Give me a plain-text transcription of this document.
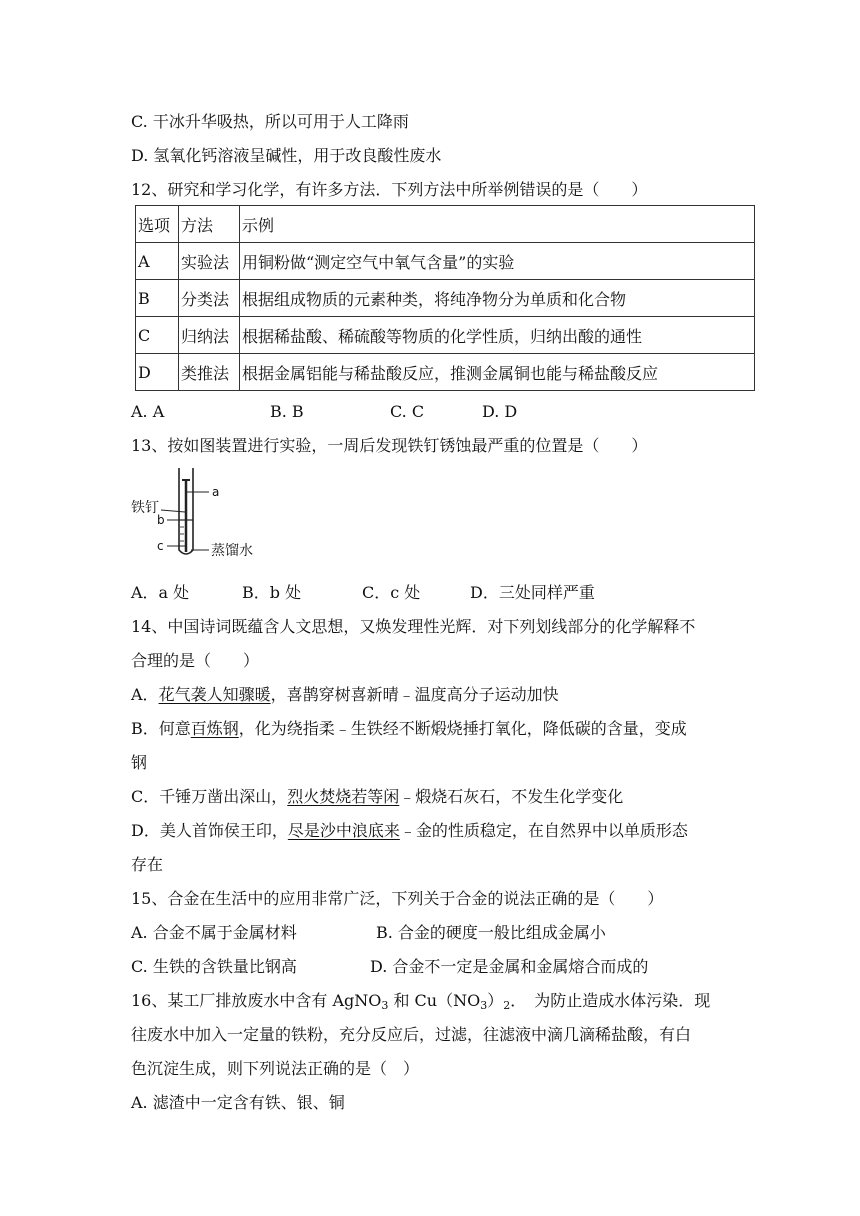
C. 干冰升华吸热，所以可用于人工降雨
D. 氢氧化钙溶液呈碱性，用于改良酸性废水
12、研究和学习化学，有许多方法．下列方法中所举例错误的是（　　）
选项	方法	示例
A	实验法	用铜粉做“测定空气中氧气含量”的实验
B	分类法	根据组成物质的元素种类，将纯净物分为单质和化合物
C	归纳法	根据稀盐酸、稀硫酸等物质的化学性质，归纳出酸的通性
D	类推法	根据金属铝能与稀盐酸反应，推测金属铜也能与稀盐酸反应
A. A	B. B	C. C	D. D
13、按如图装置进行实验，一周后发现铁钉锈蚀最严重的位置是（　　）
铁钉
a
b
c	蒸馏水
A．a 处	B．b 处	C．c 处	D．三处同样严重
14、中国诗词既蕴含人文思想，又焕发理性光辉．对下列划线部分的化学解释不
合理的是（　　）
A．花气袭人知骤暖，喜鹊穿树喜新晴﹣温度高分子运动加快
B．何意百炼钢，化为绕指柔﹣生铁经不断煅烧捶打氧化，降低碳的含量，变成
钢
C．千锤万凿出深山，烈火焚烧若等闲﹣煅烧石灰石，不发生化学变化
D．美人首饰侯王印，尽是沙中浪底来﹣金的性质稳定，在自然界中以单质形态
存在
15、合金在生活中的应用非常广泛，下列关于合金的说法正确的是（　　）
A. 合金不属于金属材料	B. 合金的硬度一般比组成金属小
C. 生铁的含铁量比钢高	D. 合金不一定是金属和金属熔合而成的
16、某工厂排放废水中含有 AgNO$_3$ 和 $Cu(NO_3)_2$．　为防止造成水体污染．现
往废水中加入一定量的铁粉，充分反应后，过滤，往滤液中滴几滴稀盐酸，有白
色沉淀生成，则下列说法正确的是（　）
A. 滤渣中一定含有铁、银、铜
